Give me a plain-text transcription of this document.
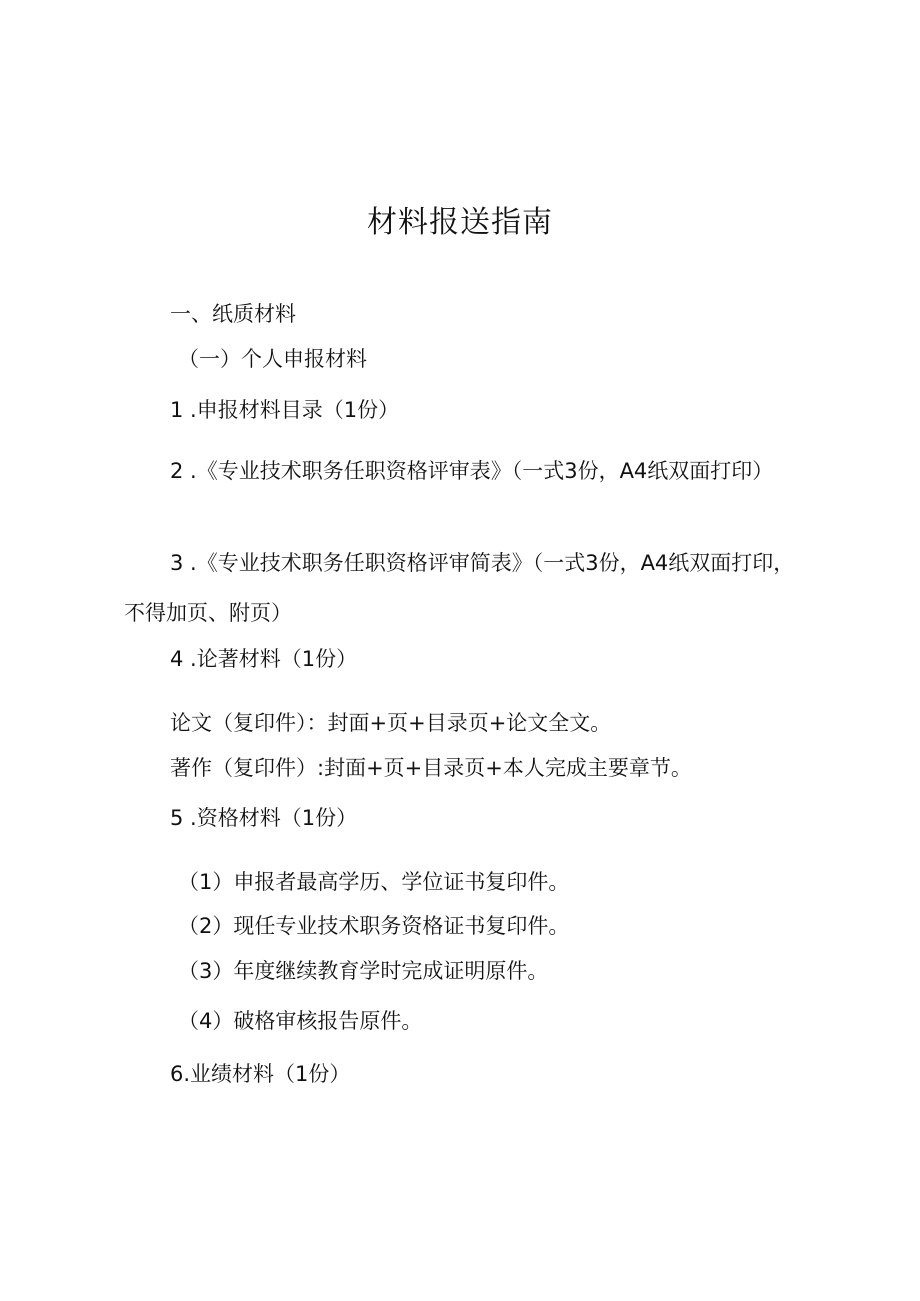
材料报送指南
一、纸质材料
（一）个人申报材料
1 .申报材料目录（1份）
2 .《专业技术职务任职资格评审表》（一式3份，A4纸双面打印）
3 .《专业技术职务任职资格评审简表》（一式3份，A4纸双面打印，不得加页、附页）
4 .论著材料（1份）
论文（复印件）：封面+页+目录页+论文全文。
著作（复印件）:封面+页+目录页+本人完成主要章节。
5 .资格材料（1份）
（1）申报者最高学历、学位证书复印件。
（2）现任专业技术职务资格证书复印件。
（3）年度继续教育学时完成证明原件。
（4）破格审核报告原件。
6.业绩材料（1份）
